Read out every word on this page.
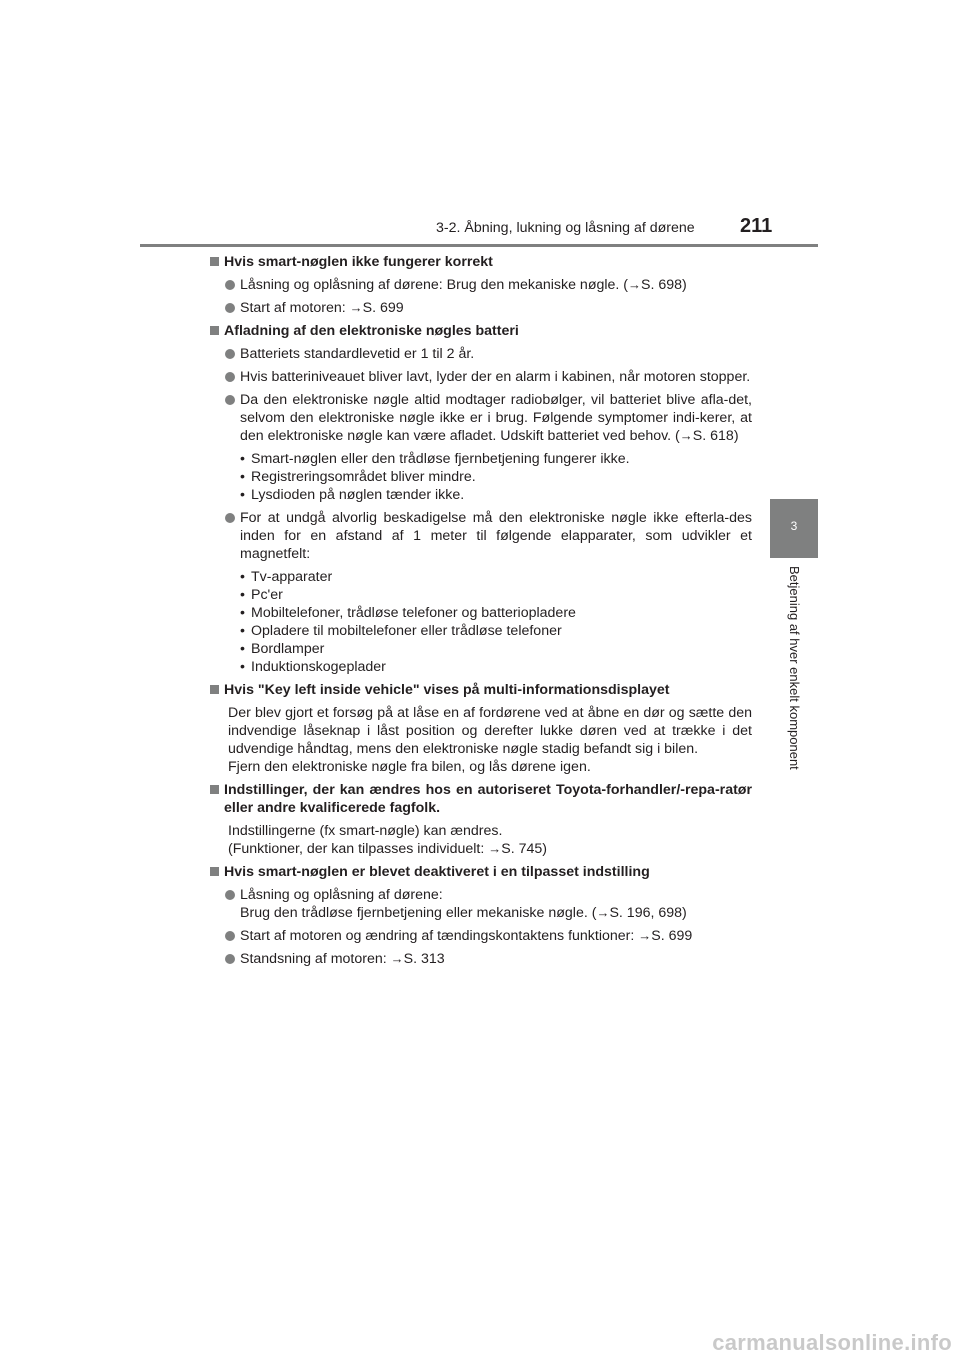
3-2. Åbning, lukning og låsning af dørene 211
3
Betjening af hver enkelt komponent
Hvis smart-nøglen ikke fungerer korrekt
Låsning og oplåsning af dørene: Brug den mekaniske nøgle. (→S. 698)
Start af motoren: →S. 699
Afladning af den elektroniske nøgles batteri
Batteriets standardlevetid er 1 til 2 år.
Hvis batteriniveauet bliver lavt, lyder der en alarm i kabinen, når motoren stopper.
Da den elektroniske nøgle altid modtager radiobølger, vil batteriet blive afla-det, selvom den elektroniske nøgle ikke er i brug. Følgende symptomer indi-kerer, at den elektroniske nøgle kan være afladet. Udskift batteriet ved behov. (→S. 618)
• Smart-nøglen eller den trådløse fjernbetjening fungerer ikke.
• Registreringsområdet bliver mindre.
• Lysdioden på nøglen tænder ikke.
For at undgå alvorlig beskadigelse må den elektroniske nøgle ikke efterla-des inden for en afstand af 1 meter til følgende elapparater, som udvikler et magnetfelt:
• Tv-apparater
• Pc'er
• Mobiltelefoner, trådløse telefoner og batteriopladere
• Opladere til mobiltelefoner eller trådløse telefoner
• Bordlamper
• Induktionskogeplader
Hvis "Key left inside vehicle" vises på multi-informationsdisplayet
Der blev gjort et forsøg på at låse en af fordørene ved at åbne en dør og sætte den indvendige låseknap i låst position og derefter lukke døren ved at trække i det udvendige håndtag, mens den elektroniske nøgle stadig befandt sig i bilen.
Fjern den elektroniske nøgle fra bilen, og lås dørene igen.
Indstillinger, der kan ændres hos en autoriseret Toyota-forhandler/-repa-ratør eller andre kvalificerede fagfolk.
Indstillingerne (fx smart-nøgle) kan ændres.
(Funktioner, der kan tilpasses individuelt: →S. 745)
Hvis smart-nøglen er blevet deaktiveret i en tilpasset indstilling
Låsning og oplåsning af dørene:
Brug den trådløse fjernbetjening eller mekaniske nøgle. (→S. 196, 698)
Start af motoren og ændring af tændingskontaktens funktioner: →S. 699
Standsning af motoren: →S. 313
carmanualsonline.info
